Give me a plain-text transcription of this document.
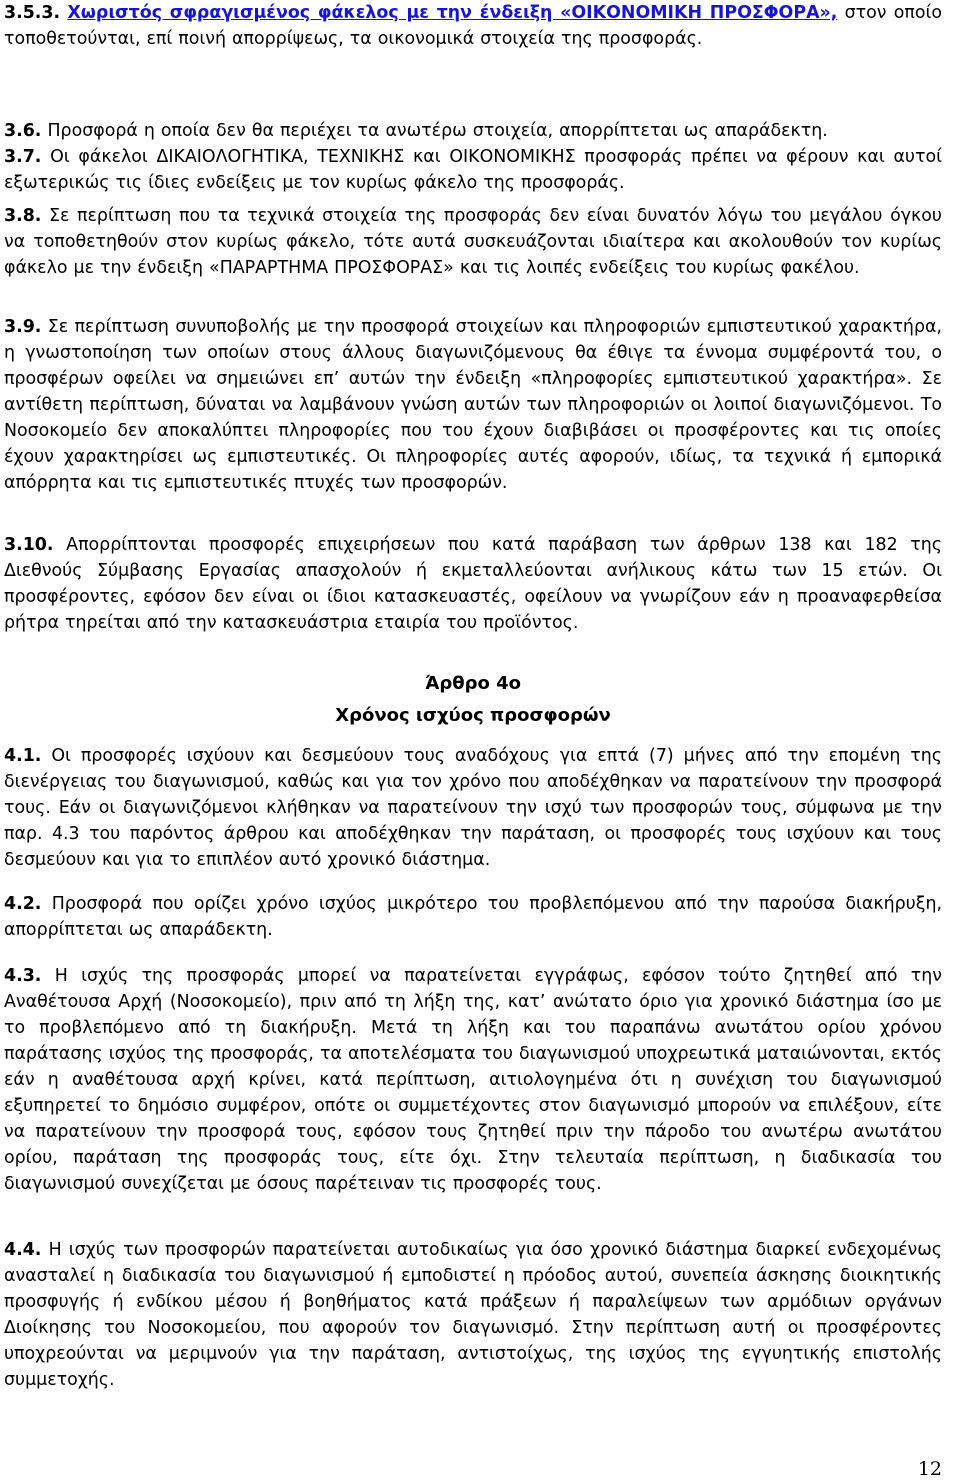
3.5.3. Χωριστός σφραγισμένος φάκελος με την ένδειξη «ΟΙΚΟΝΟΜΙΚΗ ΠΡΟΣΦΟΡΑ», στον οποίο τοποθετούνται, επί ποινή απορρίψεως, τα οικονομικά στοιχεία της προσφοράς.

3.6. Προσφορά η οποία δεν θα περιέχει τα ανωτέρω στοιχεία, απορρίπτεται ως απαράδεκτη.

3.7. Οι φάκελοι ΔΙΚΑΙΟΛΟΓΗΤΙΚΑ, ΤΕΧΝΙΚΗΣ και ΟΙΚΟΝΟΜΙΚΗΣ προσφοράς πρέπει να φέρουν και αυτοί εξωτερικώς τις ίδιες ενδείξεις με τον κυρίως φάκελο της προσφοράς.

3.8. Σε περίπτωση που τα τεχνικά στοιχεία της προσφοράς δεν είναι δυνατόν λόγω του μεγάλου όγκου να τοποθετηθούν στον κυρίως φάκελο, τότε αυτά συσκευάζονται ιδιαίτερα και ακολουθούν τον κυρίως φάκελο με την ένδειξη «ΠΑΡΑΡΤΗΜΑ ΠΡΟΣΦΟΡΑΣ» και τις λοιπές ενδείξεις του κυρίως φακέλου.

3.9. Σε περίπτωση συνυποβολής με την προσφορά στοιχείων και πληροφοριών εμπιστευτικού χαρακτήρα, η γνωστοποίηση των οποίων στους άλλους διαγωνιζόμενους θα έθιγε τα έννομα συμφέροντά του, ο προσφέρων οφείλει να σημειώνει επ’ αυτών την ένδειξη «πληροφορίες εμπιστευτικού χαρακτήρα». Σε αντίθετη περίπτωση, δύναται να λαμβάνουν γνώση αυτών των πληροφοριών οι λοιποί διαγωνιζόμενοι. Το Νοσοκομείο δεν αποκαλύπτει πληροφορίες που του έχουν διαβιβάσει οι προσφέροντες και τις οποίες έχουν χαρακτηρίσει ως εμπιστευτικές. Οι πληροφορίες αυτές αφορούν, ιδίως, τα τεχνικά ή εμπορικά απόρρητα και τις εμπιστευτικές πτυχές των προσφορών.

3.10. Απορρίπτονται προσφορές επιχειρήσεων που κατά παράβαση των άρθρων 138 και 182 της Διεθνούς Σύμβασης Εργασίας απασχολούν ή εκμεταλλεύονται ανήλικους κάτω των 15 ετών. Οι προσφέροντες, εφόσον δεν είναι οι ίδιοι κατασκευαστές, οφείλουν να γνωρίζουν εάν η προαναφερθείσα ρήτρα τηρείται από την κατασκευάστρια εταιρία του προϊόντος.

Άρθρο 4ο

Χρόνος ισχύος προσφορών

4.1. Οι προσφορές ισχύουν και δεσμεύουν τους αναδόχους για επτά (7) μήνες από την επομένη της διενέργειας του διαγωνισμού, καθώς και για τον χρόνο που αποδέχθηκαν να παρατείνουν την προσφορά τους. Εάν οι διαγωνιζόμενοι κλήθηκαν να παρατείνουν την ισχύ των προσφορών τους, σύμφωνα με την παρ. 4.3 του παρόντος άρθρου και αποδέχθηκαν την παράταση, οι προσφορές τους ισχύουν και τους δεσμεύουν και για το επιπλέον αυτό χρονικό διάστημα.

4.2. Προσφορά που ορίζει χρόνο ισχύος μικρότερο του προβλεπόμενου από την παρούσα διακήρυξη, απορρίπτεται ως απαράδεκτη.

4.3. Η ισχύς της προσφοράς μπορεί να παρατείνεται εγγράφως, εφόσον τούτο ζητηθεί από την Αναθέτουσα Αρχή (Νοσοκομείο), πριν από τη λήξη της, κατ’ ανώτατο όριο για χρονικό διάστημα ίσο με το προβλεπόμενο από τη διακήρυξη. Μετά τη λήξη και του παραπάνω ανωτάτου ορίου χρόνου παράτασης ισχύος της προσφοράς, τα αποτελέσματα του διαγωνισμού υποχρεωτικά ματαιώνονται, εκτός εάν η αναθέτουσα αρχή κρίνει, κατά περίπτωση, αιτιολογημένα ότι η συνέχιση του διαγωνισμού εξυπηρετεί το δημόσιο συμφέρον, οπότε οι συμμετέχοντες στον διαγωνισμό μπορούν να επιλέξουν, είτε να παρατείνουν την προσφορά τους, εφόσον τους ζητηθεί πριν την πάροδο του ανωτέρω ανωτάτου ορίου, παράταση της προσφοράς τους, είτε όχι. Στην τελευταία περίπτωση, η διαδικασία του διαγωνισμού συνεχίζεται με όσους παρέτειναν τις προσφορές τους.

4.4. Η ισχύς των προσφορών παρατείνεται αυτοδικαίως για όσο χρονικό διάστημα διαρκεί ενδεχομένως ανασταλεί η διαδικασία του διαγωνισμού ή εμποδιστεί η πρόοδος αυτού, συνεπεία άσκησης διοικητικής προσφυγής ή ενδίκου μέσου ή βοηθήματος κατά πράξεων ή παραλείψεων των αρμόδιων οργάνων Διοίκησης του Νοσοκομείου, που αφορούν τον διαγωνισμό. Στην περίπτωση αυτή οι προσφέροντες υποχρεούνται να μεριμνούν για την παράταση, αντιστοίχως, της ισχύος της εγγυητικής επιστολής συμμετοχής.

12
